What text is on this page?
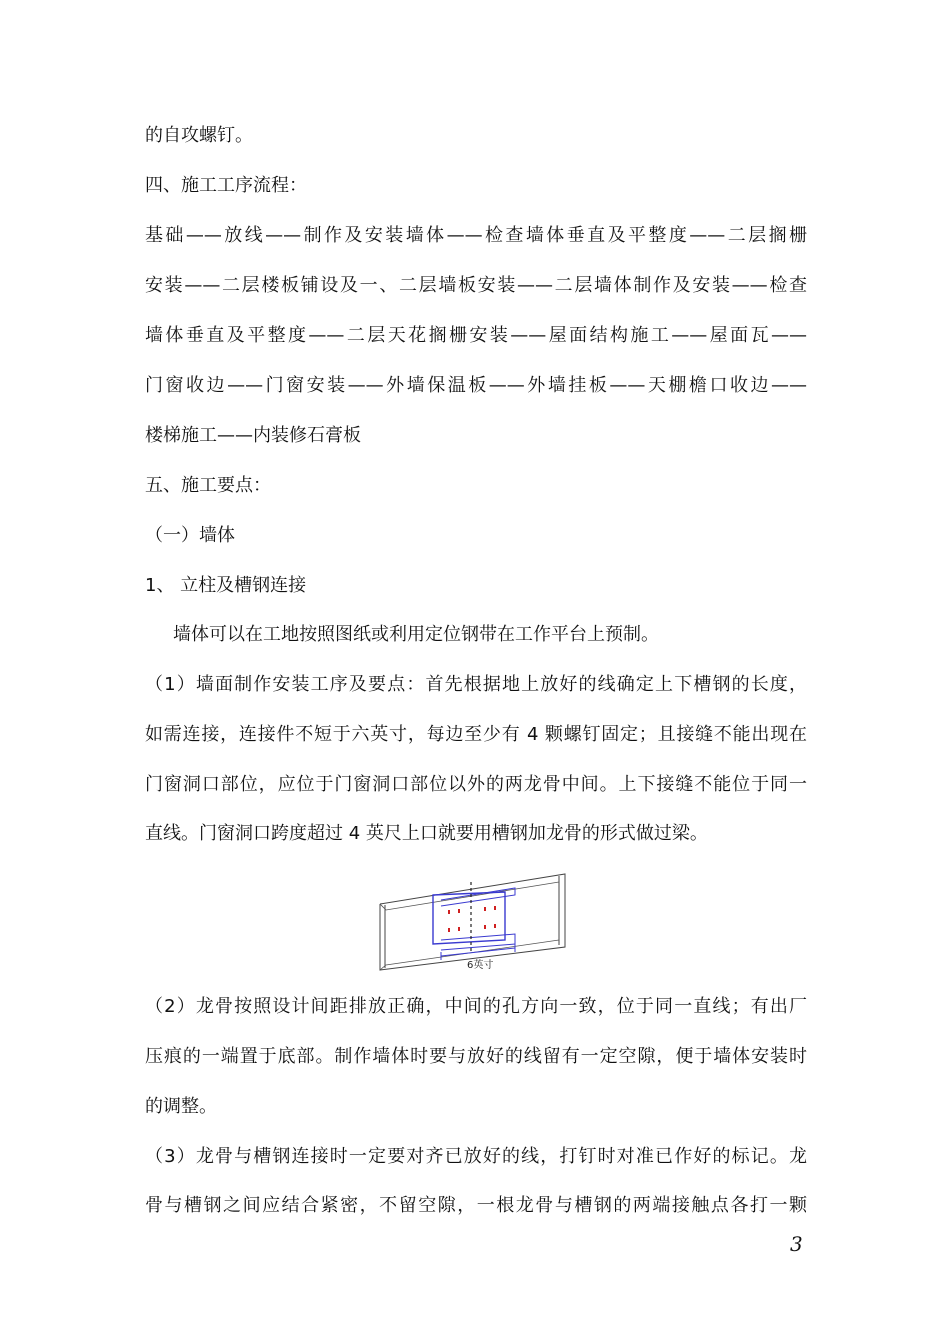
的自攻螺钉。
四、施工工序流程：
基础——放线——制作及安装墙体——检查墙体垂直及平整度——二层搁栅
安装——二层楼板铺设及一、二层墙板安装——二层墙体制作及安装——检查
墙体垂直及平整度——二层天花搁栅安装——屋面结构施工——屋面瓦——
门窗收边——门窗安装——外墙保温板——外墙挂板——天棚檐口收边——
楼梯施工——内装修石膏板
五、施工要点：
（一）墙体
1、 立柱及槽钢连接
墙体可以在工地按照图纸或利用定位钢带在工作平台上预制。
（1）墙面制作安装工序及要点：首先根据地上放好的线确定上下槽钢的长度，
如需连接，连接件不短于六英寸，每边至少有 4 颗螺钉固定；且接缝不能出现在
门窗洞口部位，应位于门窗洞口部位以外的两龙骨中间。上下接缝不能位于同一
直线。门窗洞口跨度超过 4 英尺上口就要用槽钢加龙骨的形式做过梁。
6英寸
（2）龙骨按照设计间距排放正确，中间的孔方向一致，位于同一直线；有出厂
压痕的一端置于底部。制作墙体时要与放好的线留有一定空隙，便于墙体安装时
的调整。
（3）龙骨与槽钢连接时一定要对齐已放好的线，打钉时对准已作好的标记。龙
骨与槽钢之间应结合紧密，不留空隙，一根龙骨与槽钢的两端接触点各打一颗
3
